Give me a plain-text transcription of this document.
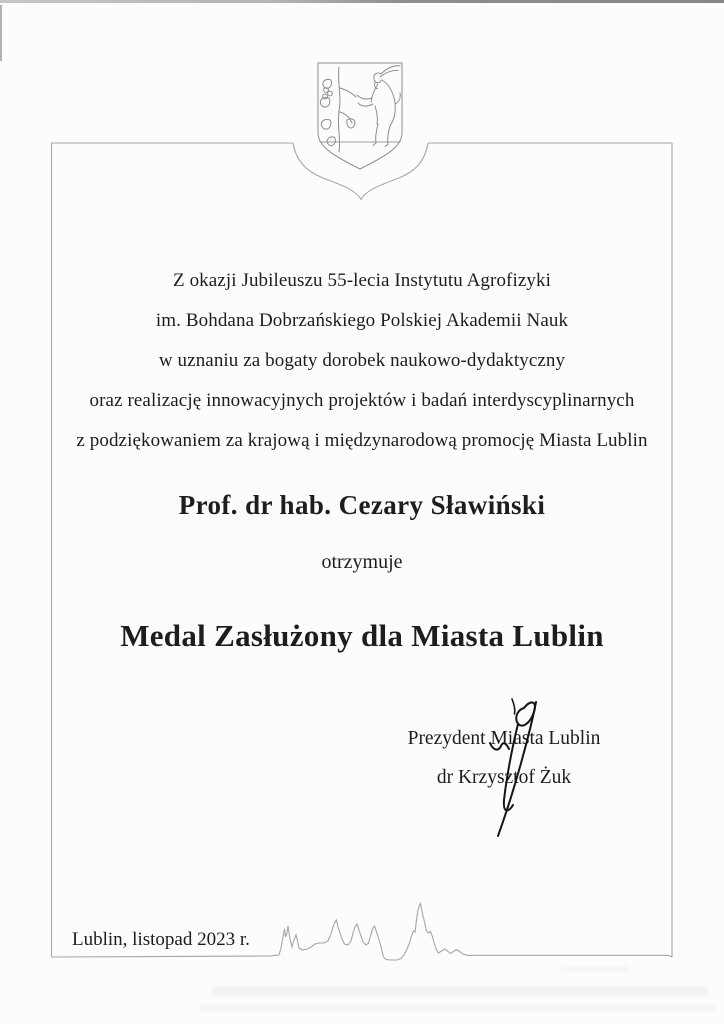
Z okazji Jubileuszu 55-lecia Instytutu Agrofizyki
im. Bohdana Dobrzańskiego Polskiej Akademii Nauk
w uznaniu za bogaty dorobek naukowo-dydaktyczny
oraz realizację innowacyjnych projektów i badań interdyscyplinarnych
z podziękowaniem za krajową i międzynarodową promocję Miasta Lublin
Prof. dr hab. Cezary Sławiński
otrzymuje
Medal Zasłużony dla Miasta Lublin
Prezydent Miasta Lublin
dr Krzysztof Żuk
Lublin, listopad 2023 r.
